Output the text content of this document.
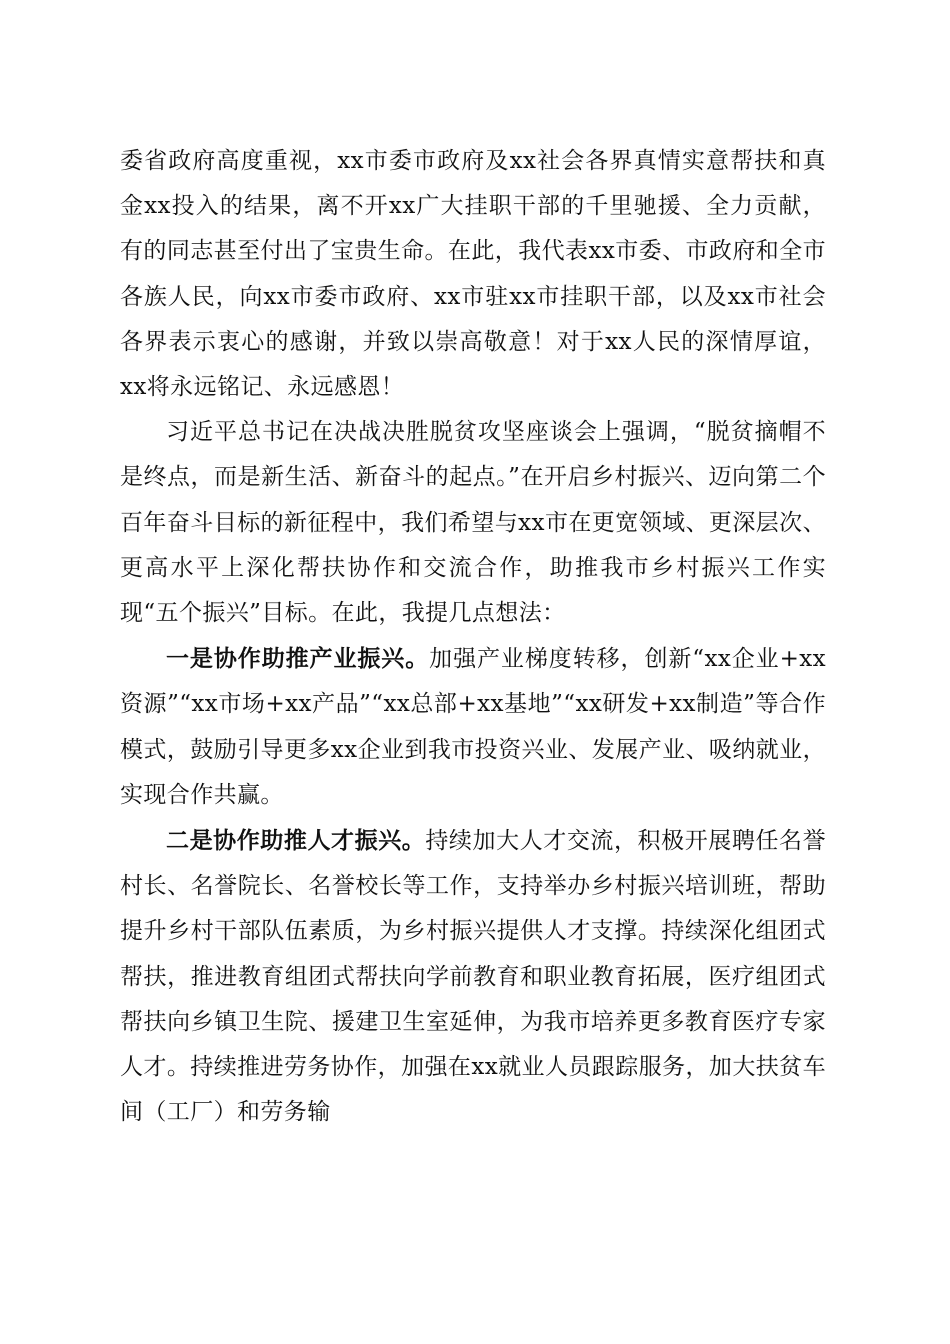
委省政府高度重视，xx市委市政府及xx社会各界真情实意帮扶和真金xx投入的结果，离不开xx广大挂职干部的千里驰援、全力贡献，有的同志甚至付出了宝贵生命。在此，我代表xx市委、市政府和全市各族人民，向xx市委市政府、xx市驻xx市挂职干部，以及xx市社会各界表示衷心的感谢，并致以崇高敬意！对于xx人民的深情厚谊，xx将永远铭记、永远感恩！

习近平总书记在决战决胜脱贫攻坚座谈会上强调，“脱贫摘帽不是终点，而是新生活、新奋斗的起点。”在开启乡村振兴、迈向第二个百年奋斗目标的新征程中，我们希望与xx市在更宽领域、更深层次、更高水平上深化帮扶协作和交流合作，助推我市乡村振兴工作实现“五个振兴”目标。在此，我提几点想法：

一是协作助推产业振兴。加强产业梯度转移，创新“xx企业+xx资源”“xx市场+xx产品”“xx总部+xx基地”“xx研发+xx制造”等合作模式，鼓励引导更多xx企业到我市投资兴业、发展产业、吸纳就业，实现合作共赢。

二是协作助推人才振兴。持续加大人才交流，积极开展聘任名誉村长、名誉院长、名誉校长等工作，支持举办乡村振兴培训班，帮助提升乡村干部队伍素质，为乡村振兴提供人才支撑。持续深化组团式帮扶，推进教育组团式帮扶向学前教育和职业教育拓展，医疗组团式帮扶向乡镇卫生院、援建卫生室延伸，为我市培养更多教育医疗专家人才。持续推进劳务协作，加强在xx就业人员跟踪服务，加大扶贫车间（工厂）和劳务输
